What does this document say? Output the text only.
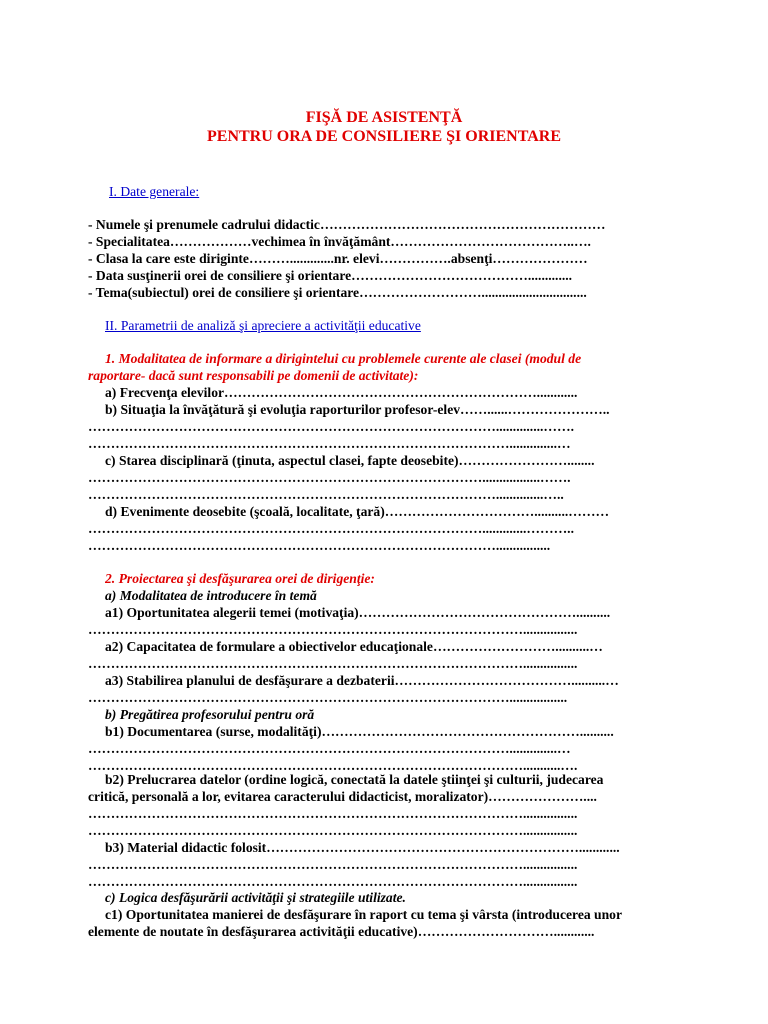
FIŞĂ DE ASISTENŢĂ
PENTRU ORA DE CONSILIERE ŞI ORIENTARE
I. Date generale:
- Numele şi prenumele cadrului didactic………………………………………………………
- Specialitatea………………vechimea în învăţământ…………………………………..….
- Clasa la care este diriginte……….............nr. elevi…………….absenţi…………………
- Data susţinerii orei de consiliere şi orientare………………………………….............
- Tema(subiectul) orei de consiliere şi orientare………………………...............................
II. Parametrii de analiză şi apreciere a activităţii educative
1. Modalitatea de informare a dirigintelui cu problemele curente ale clasei (modul de
raportare- dacă sunt responsabili pe domenii de activitate):
a) Frecvenţa elevilor……………………………………………………………............
b) Situaţia la învăţătură şi evoluţia raporturilor profesor-elev……......…………………..
………………………………………………………………………………..............…….
…………………………………………………………………………………..............…
c) Starea disciplinară (ţinuta, aspectul clasei, fapte deosebite)……………………........
…………………………………………………………………………….................…….
………………………………………………………………………………..............…..
d) Evenimente deosebite (şcoală, localitate, ţară)……………………………..........………
…………………………………………………………………………….............………..
………………………………………………………………………………................
2. Proiectarea şi desfăşurarea orei de dirigenţie:
a) Modalitatea de introducere în temă
a1) Oportunitatea alegerii temei (motivaţia)…………………………………………..........
……………………………………………………………………………………................
a2) Capacitatea de formulare a obiectivelor educaţionale………………………..........…
……………………………………………………………………………………................
a3) Stabilirea planului de desfăşurare a dezbaterii…………………………………..........…
………………………………………………………………………………….................
b) Pregătirea profesorului pentru oră
b1) Documentarea (surse, modalităţi)…………………………………………………..........
…………………………………………………………………………………..............…
……………………………………………………………………………………...........….
b2) Prelucrarea datelor (ordine logică, conectată la datele ştiinţei şi culturii, judecarea
critică, personală a lor, evitarea caracterului didacticist, moralizator)…………………....
……………………………………………………………………………………................
……………………………………………………………………………………................
b3) Material didactic folosit……………………………………………………………............
……………………………………………………………………………………................
……………………………………………………………………………………................
c) Logica desfăşurării activităţii şi strategiile utilizate.
c1) Oportunitatea manierei de desfăşurare în raport cu tema şi vârsta (introducerea unor
elemente de noutate în desfăşurarea activităţii educative)…………………………............
